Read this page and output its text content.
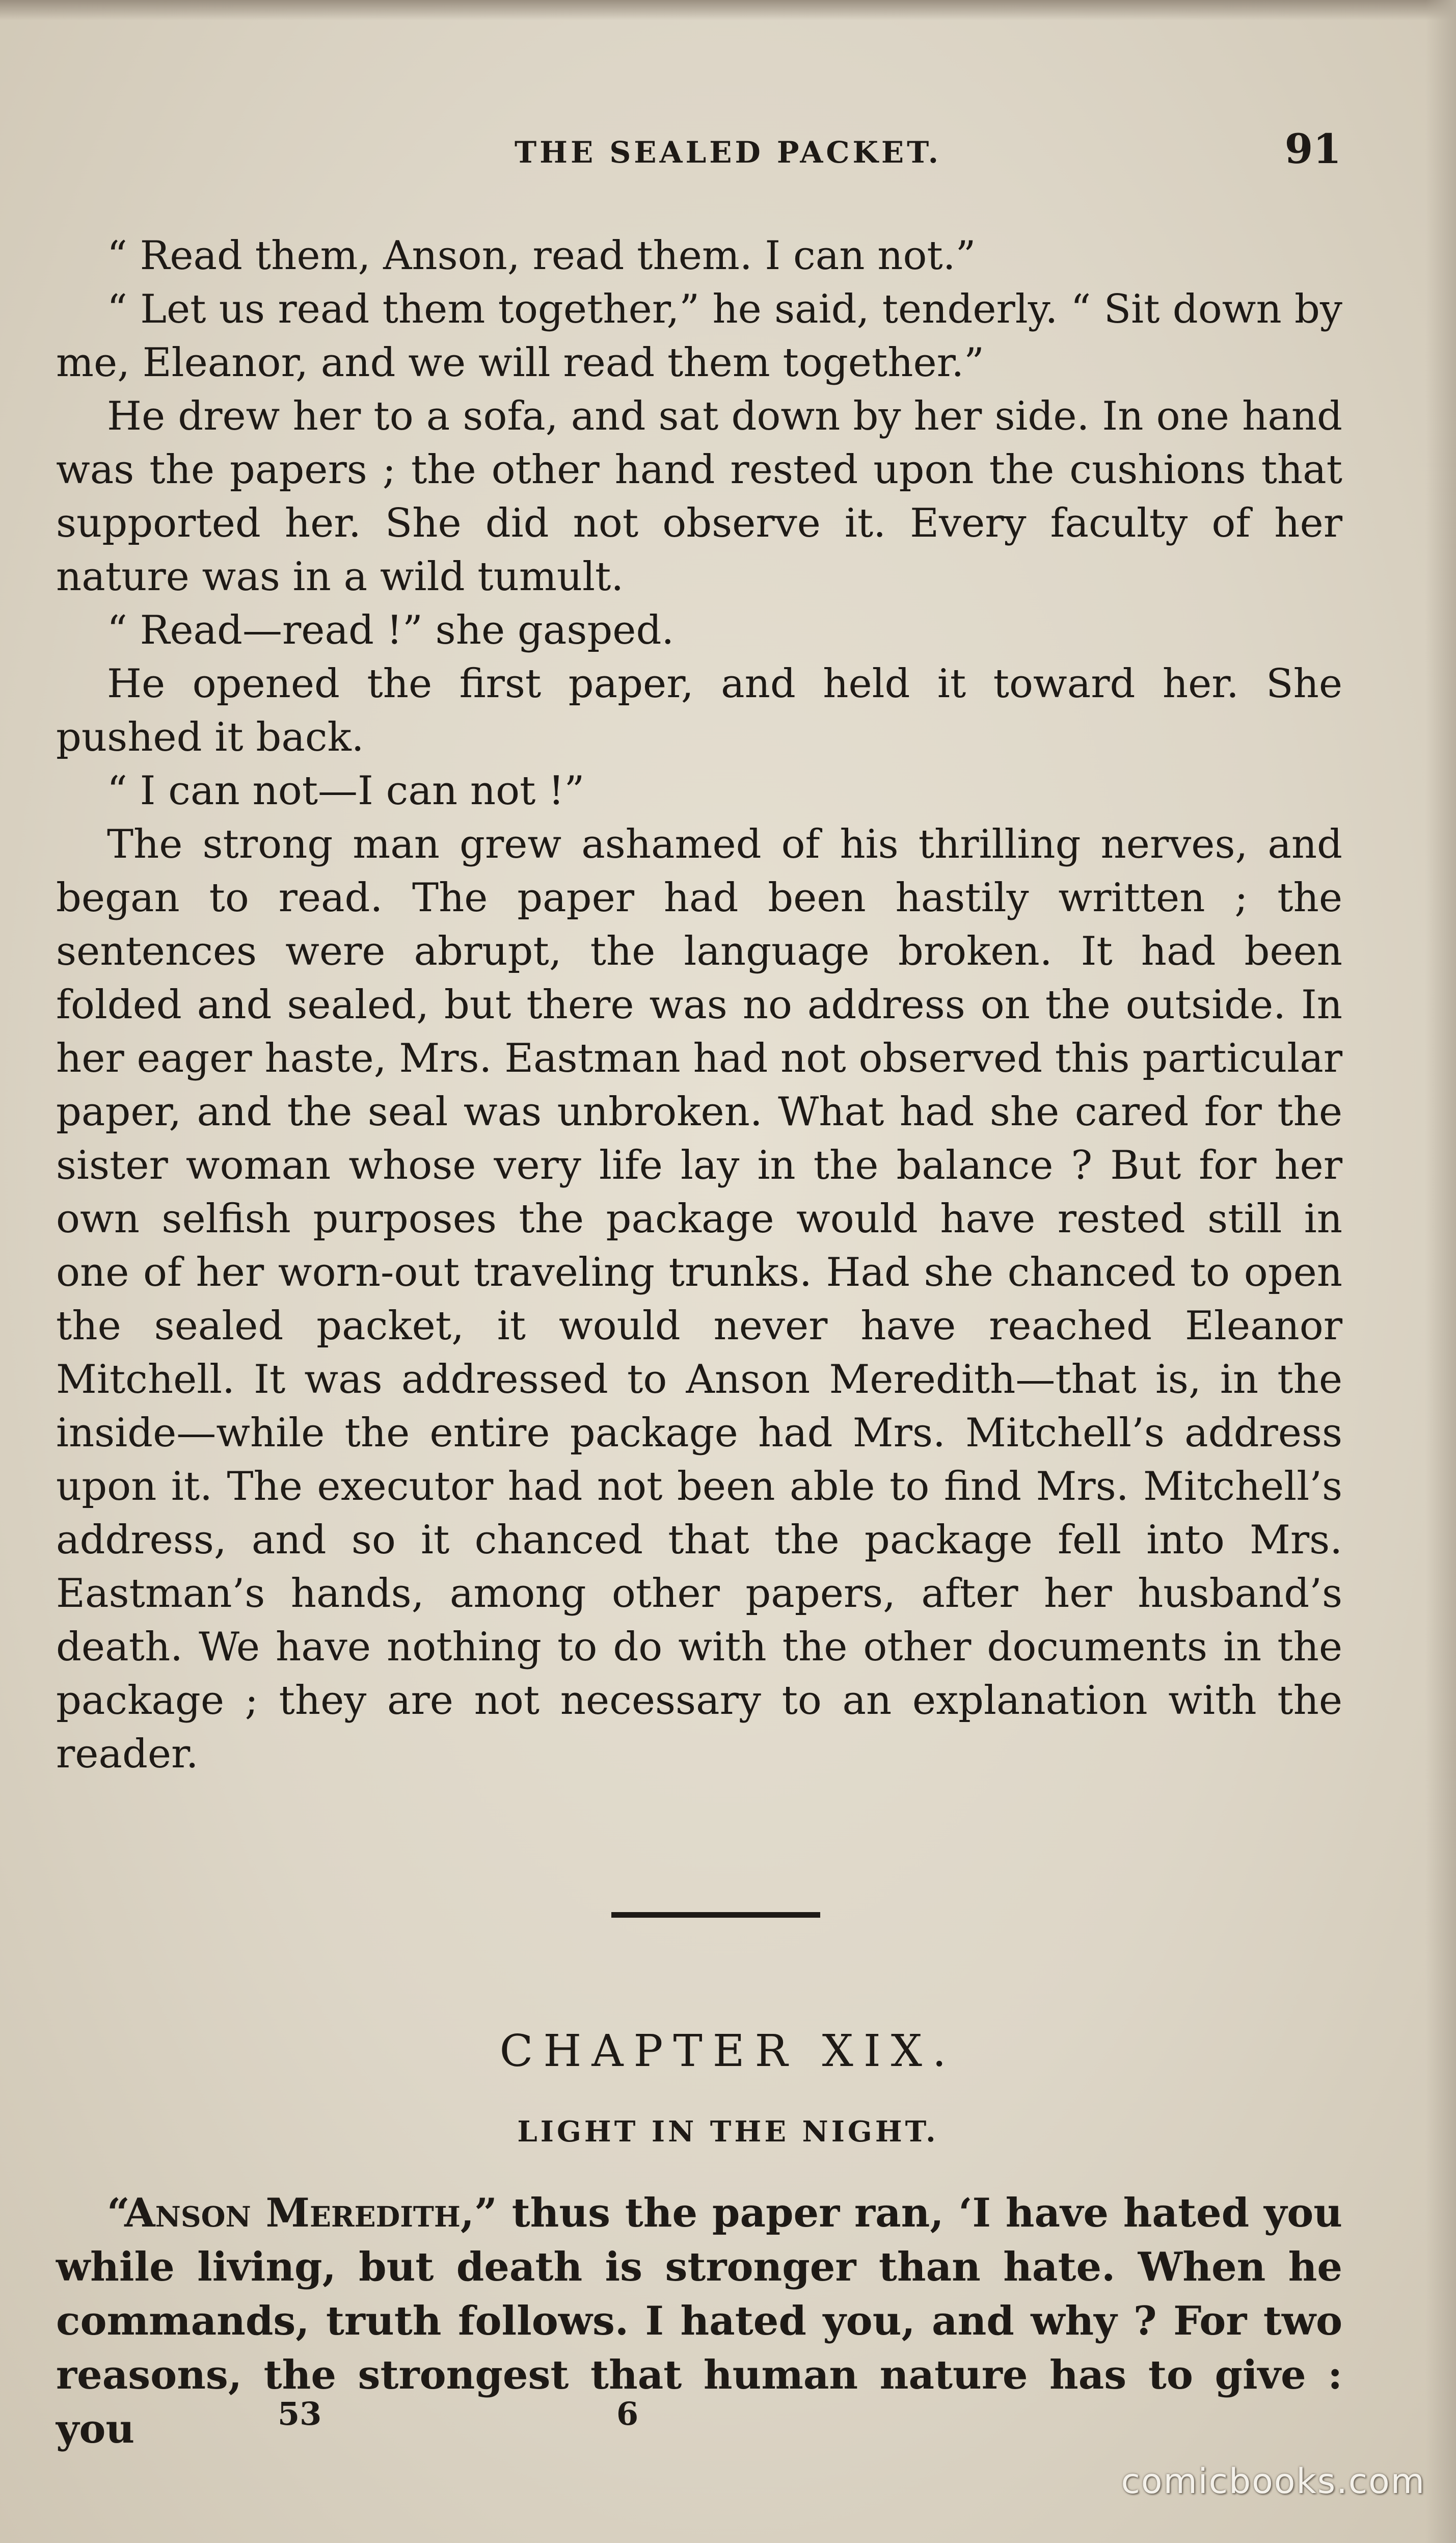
THE SEALED PACKET.	91

“ Read them, Anson, read them. I can not.”

“ Let us read them together,” he said, tenderly. “ Sit down by me, Eleanor, and we will read them together.”

He drew her to a sofa, and sat down by her side. In one hand was the papers ; the other hand rested upon the cushions that supported her. She did not observe it. Every faculty of her nature was in a wild tumult.

“ Read—read !” she gasped.

He opened the first paper, and held it toward her. She pushed it back.

“ I can not—I can not !”

The strong man grew ashamed of his thrilling nerves, and began to read. The paper had been hastily written ; the sentences were abrupt, the language broken. It had been folded and sealed, but there was no address on the outside. In her eager haste, Mrs. Eastman had not observed this particular paper, and the seal was unbroken. What had she cared for the sister woman whose very life lay in the balance ? But for her own selfish purposes the package would have rested still in one of her worn-out traveling trunks. Had she chanced to open the sealed packet, it would never have reached Eleanor Mitchell. It was addressed to Anson Meredith—that is, in the inside—while the entire package had Mrs. Mitchell’s address upon it. The executor had not been able to find Mrs. Mitchell’s address, and so it chanced that the package fell into Mrs. Eastman’s hands, among other papers, after her husband’s death. We have nothing to do with the other documents in the package ; they are not necessary to an explanation with the reader.

CHAPTER XIX.
LIGHT IN THE NIGHT.

“Anson Meredith,” thus the paper ran, ‘I have hated you while living, but death is stronger than hate. When he commands, truth follows. I hated you, and why ? For two reasons, the strongest that human nature has to give : you	53	6
comicbooks.com
